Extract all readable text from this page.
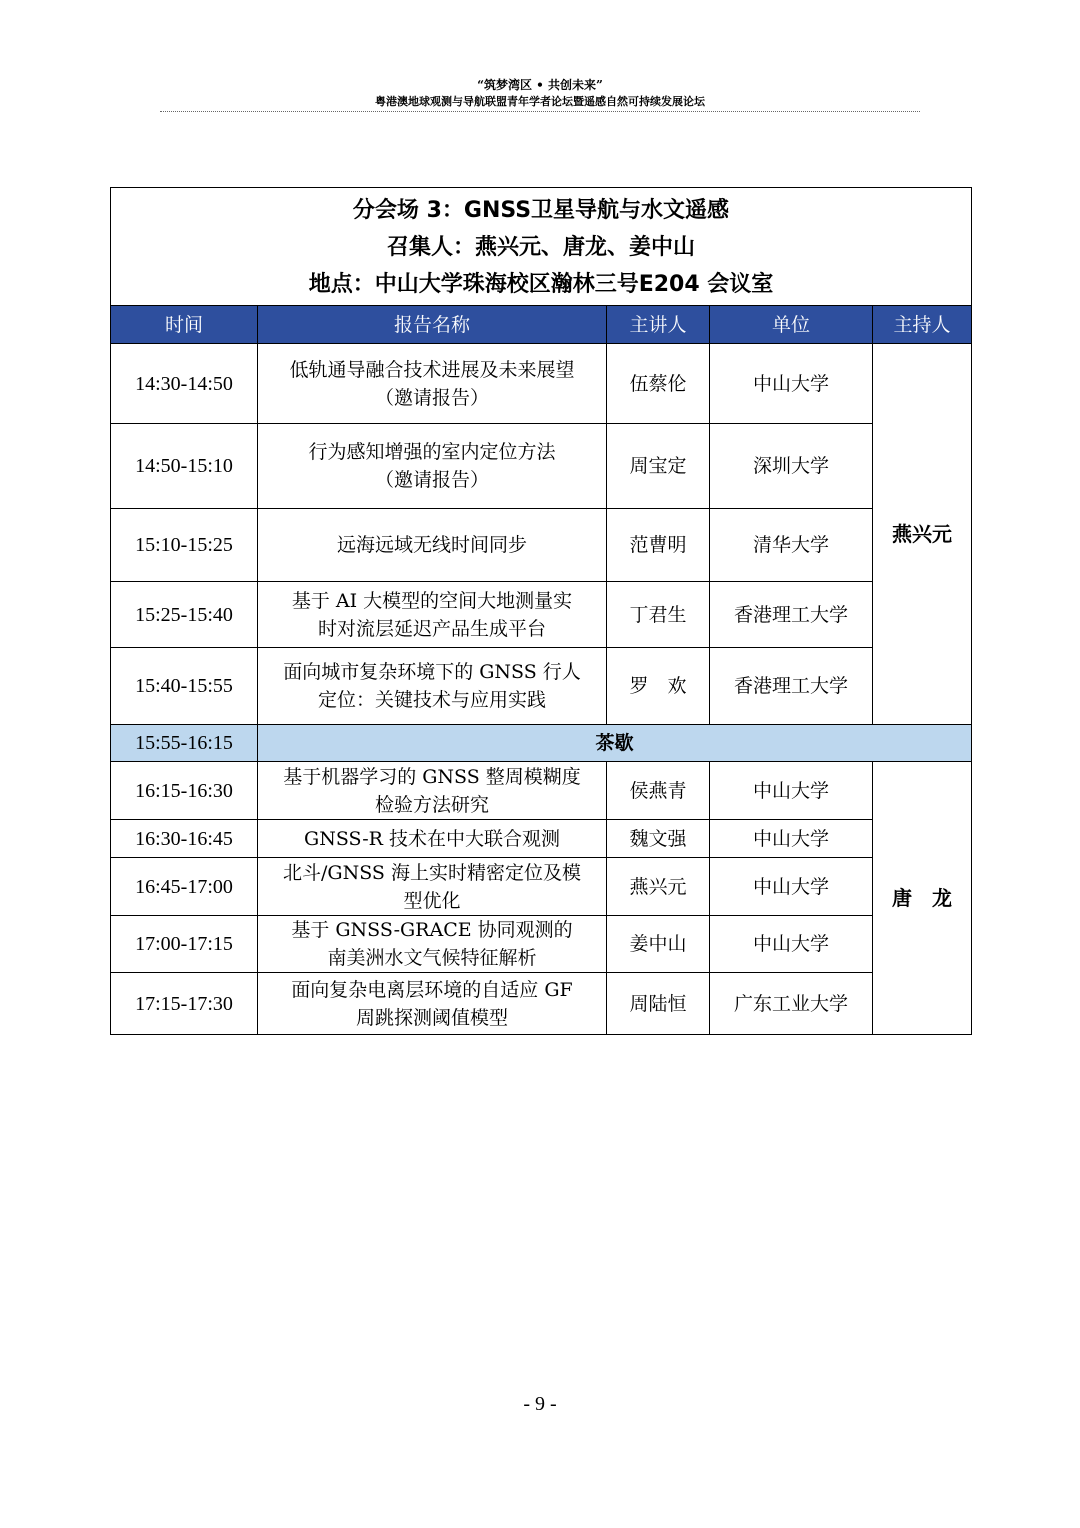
“筑梦湾区 • 共创未来”
粤港澳地球观测与导航联盟青年学者论坛暨遥感自然可持续发展论坛
分会场 3：GNSS卫星导航与水文遥感
召集人：燕兴元、唐龙、姜中山
地点：中山大学珠海校区瀚林三号E204 会议室				

时间	报告名称	主讲人	单位	主持人
14:30-14:50	低轨通导融合技术进展及未来展望
（邀请报告）	伍蔡伦	中山大学	燕兴元
14:50-15:10	行为感知增强的室内定位方法
（邀请报告）	周宝定	深圳大学	
15:10-15:25	远海远域无线时间同步	范曹明	清华大学	
15:25-15:40	基于 AI 大模型的空间大地测量实
时对流层延迟产品生成平台	丁君生	香港理工大学	
15:40-15:55	面向城市复杂环境下的 GNSS 行人
定位：关键技术与应用实践	罗　欢	香港理工大学	
15:55-16:15	茶歇			
16:15-16:30	基于机器学习的 GNSS 整周模糊度
检验方法研究	侯燕青	中山大学	唐　龙
16:30-16:45	GNSS-R 技术在中大联合观测	魏文强	中山大学	
16:45-17:00	北斗/GNSS 海上实时精密定位及模
型优化	燕兴元	中山大学	
17:00-17:15	基于 GNSS-GRACE 协同观测的
南美洲水文气候特征解析	姜中山	中山大学	
17:15-17:30	面向复杂电离层环境的自适应 GF
周跳探测阈值模型	周陆恒	广东工业大学	
- 9 -
